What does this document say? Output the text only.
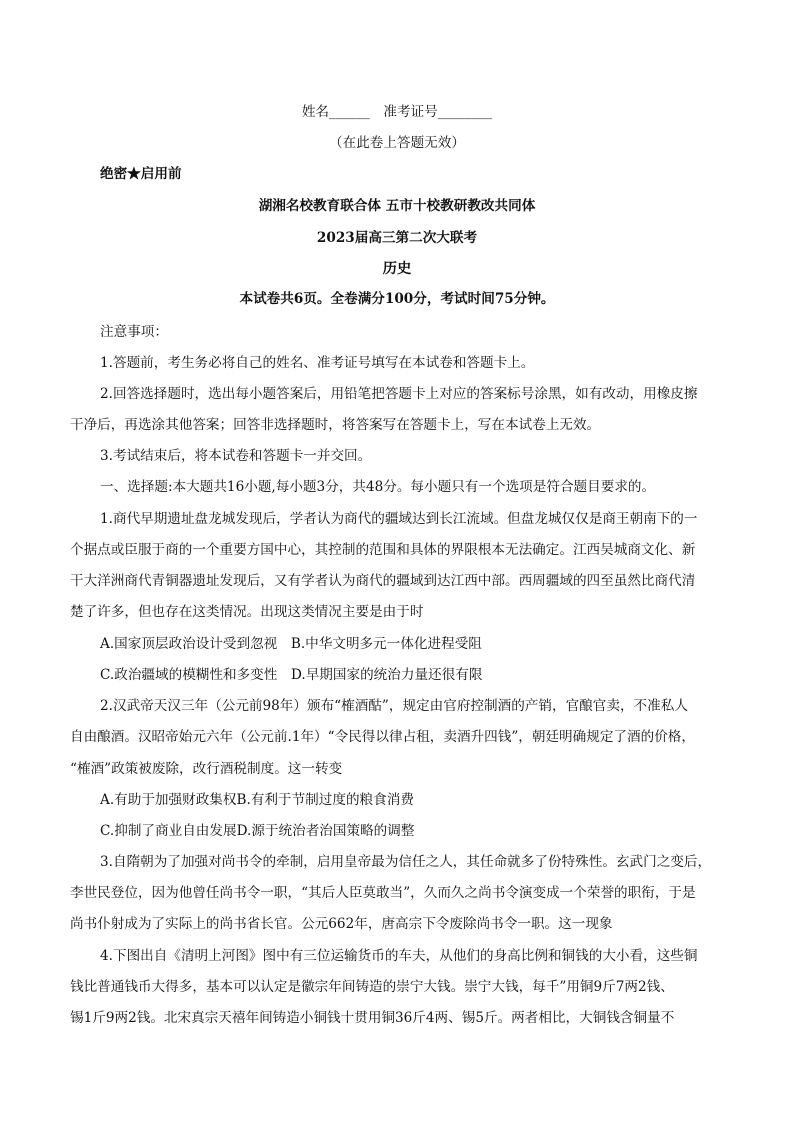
姓名______　准考证号________
（在此卷上答题无效）
绝密★启用前
湖湘名校教育联合体 五市十校教研教改共同体
2023届高三第二次大联考
历史
本试卷共6页。全卷满分100分，考试时间75分钟。
注意事项：
1.答题前，考生务必将自己的姓名、准考证号填写在本试卷和答题卡上。
2.回答选择题时，选出每小题答案后，用铅笔把答题卡上对应的答案标号涂黑，如有改动，用橡皮擦
干净后，再选涂其他答案；回答非选择题时，将答案写在答题卡上，写在本试卷上无效。
3.考试结束后，将本试卷和答题卡一并交回。
一、选择题:本大题共16小题,每小题3分，共48分。每小题只有一个选项是符合题目要求的。
1.商代早期遗址盘龙城发现后，学者认为商代的疆域达到长江流域。但盘龙城仅仅是商王朝南下的一
个据点或臣服于商的一个重要方国中心，其控制的范围和具体的界限根本无法确定。江西吴城商文化、新
干大洋洲商代青铜器遗址发现后，又有学者认为商代的疆域到达江西中部。西周疆域的四至虽然比商代清
楚了许多，但也存在这类情况。出现这类情况主要是由于时
A.国家顶层政治设计受到忽视　B.中华文明多元一体化进程受阻
C.政治疆域的模糊性和多变性　D.早期国家的统治力量还很有限
2.汉武帝天汉三年（公元前98年）颁布“榷酒酤”，规定由官府控制酒的产销，官酿官卖，不准私人
自由酿酒。汉昭帝始元六年（公元前.1年）“令民得以律占租，卖酒升四钱”，朝廷明确规定了酒的价格，
“榷酒”政策被废除，改行酒税制度。这一转变
A.有助于加强财政集权B.有利于节制过度的粮食消费
C.抑制了商业自由发展D.源于统治者治国策略的调整
3.自隋朝为了加强对尚书令的牵制，启用皇帝最为信任之人，其任命就多了份特殊性。玄武门之变后，
李世民登位，因为他曾任尚书令一职，“其后人臣莫敢当”，久而久之尚书令演变成一个荣誉的职衔，于是
尚书仆射成为了实际上的尚书省长官。公元662年，唐高宗下令废除尚书令一职。这一现象
4.下图出自《清明上河图》图中有三位运输货币的车夫，从他们的身高比例和铜钱的大小看，这些铜
钱比普通钱币大得多，基本可以认定是徽宗年间铸造的崇宁大钱。崇宁大钱，每千”用铜9斤7两2钱、
锡1斤9两2钱。北宋真宗天禧年间铸造小铜钱十贯用铜36斤4两、锡5斤。两者相比，大铜钱含铜量不
